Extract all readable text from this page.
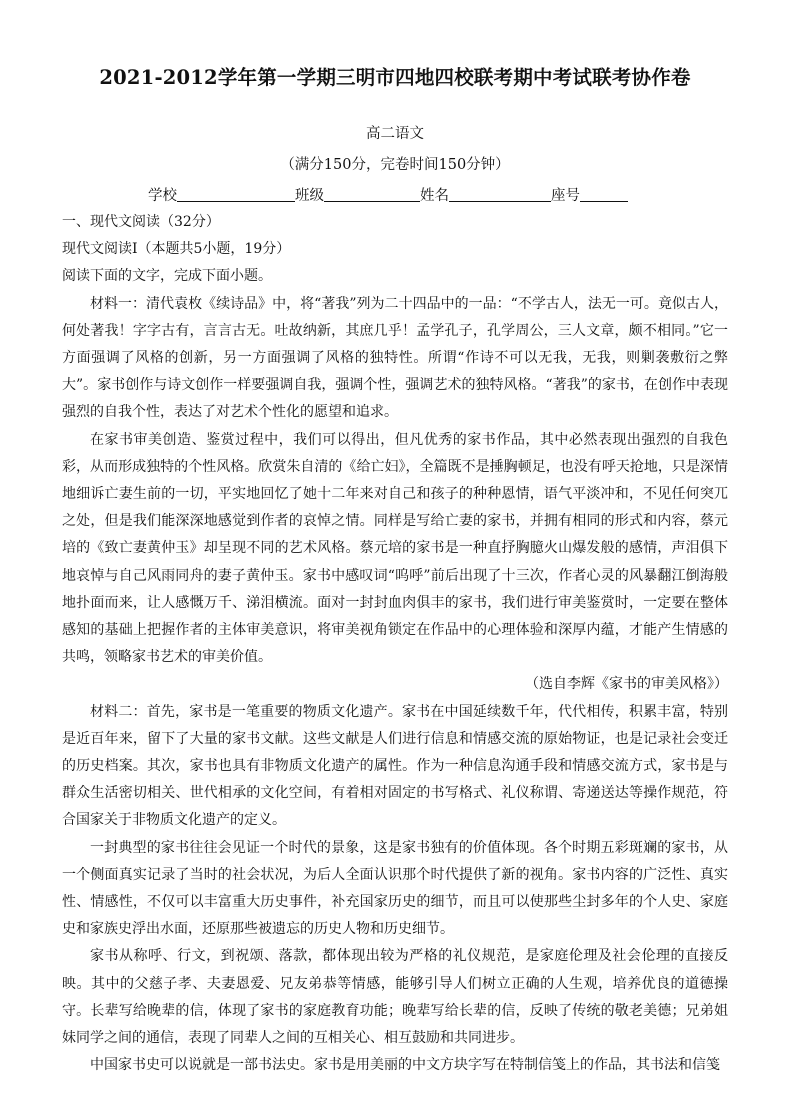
2021-2012学年第一学期三明市四地四校联考期中考试联考协作卷
高二语文
（满分150分，完卷时间150分钟）
学校	班级	姓名	座号

一、现代文阅读（32分）

现代文阅读Ⅰ（本题共5小题，19分）

阅读下面的文字，完成下面小题。

材料一：清代袁枚《续诗品》中，将“著我”列为二十四品中的一品：“不学古人，法无一可。竟似古人，何处著我！字字古有，言言古无。吐故纳新，其庶几乎！孟学孔子，孔学周公，三人文章，颇不相同。”它一方面强调了风格的创新，另一方面强调了风格的独特性。所谓“作诗不可以无我，无我，则剿袭敷衍之弊大”。家书创作与诗文创作一样要强调自我，强调个性，强调艺术的独特风格。“著我”的家书，在创作中表现强烈的自我个性，表达了对艺术个性化的愿望和追求。

在家书审美创造、鉴赏过程中，我们可以得出，但凡优秀的家书作品，其中必然表现出强烈的自我色彩，从而形成独特的个性风格。欣赏朱自清的《给亡妇》，全篇既不是捶胸顿足，也没有呼天抢地，只是深情地细诉亡妻生前的一切，平实地回忆了她十二年来对自己和孩子的种种恩情，语气平淡冲和，不见任何突兀之处，但是我们能深深地感觉到作者的哀悼之情。同样是写给亡妻的家书，并拥有相同的形式和内容，蔡元培的《致亡妻黄仲玉》却呈现不同的艺术风格。蔡元培的家书是一种直抒胸臆火山爆发般的感情，声泪俱下地哀悼与自己风雨同舟的妻子黄仲玉。家书中感叹词“呜呼”前后出现了十三次，作者心灵的风暴翻江倒海般地扑面而来，让人感慨万千、涕泪横流。面对一封封血肉俱丰的家书，我们进行审美鉴赏时，一定要在整体感知的基础上把握作者的主体审美意识，将审美视角锁定在作品中的心理体验和深厚内蕴，才能产生情感的共鸣，领略家书艺术的审美价值。

（选自李辉《家书的审美风格》）

材料二：首先，家书是一笔重要的物质文化遗产。家书在中国延续数千年，代代相传，积累丰富，特别是近百年来，留下了大量的家书文献。这些文献是人们进行信息和情感交流的原始物证，也是记录社会变迁的历史档案。其次，家书也具有非物质文化遗产的属性。作为一种信息沟通手段和情感交流方式，家书是与群众生活密切相关、世代相承的文化空间，有着相对固定的书写格式、礼仪称谓、寄递送达等操作规范，符合国家关于非物质文化遗产的定义。

一封典型的家书往往会见证一个时代的景象，这是家书独有的价值体现。各个时期五彩斑斓的家书，从一个侧面真实记录了当时的社会状况，为后人全面认识那个时代提供了新的视角。家书内容的广泛性、真实性、情感性，不仅可以丰富重大历史事件，补充国家历史的细节，而且可以使那些尘封多年的个人史、家庭史和家族史浮出水面，还原那些被遗忘的历史人物和历史细节。

家书从称呼、行文，到祝颂、落款，都体现出较为严格的礼仪规范，是家庭伦理及社会伦理的直接反映。其中的父慈子孝、夫妻恩爱、兄友弟恭等情感，能够引导人们树立正确的人生观，培养优良的道德操守。长辈写给晚辈的信，体现了家书的家庭教育功能；晚辈写给长辈的信，反映了传统的敬老美德；兄弟姐妹同学之间的通信，表现了同辈人之间的互相关心、相互鼓励和共同进步。

中国家书史可以说就是一部书法史。家书是用美丽的中文方块字写在特制信笺上的作品，其书法和信笺
